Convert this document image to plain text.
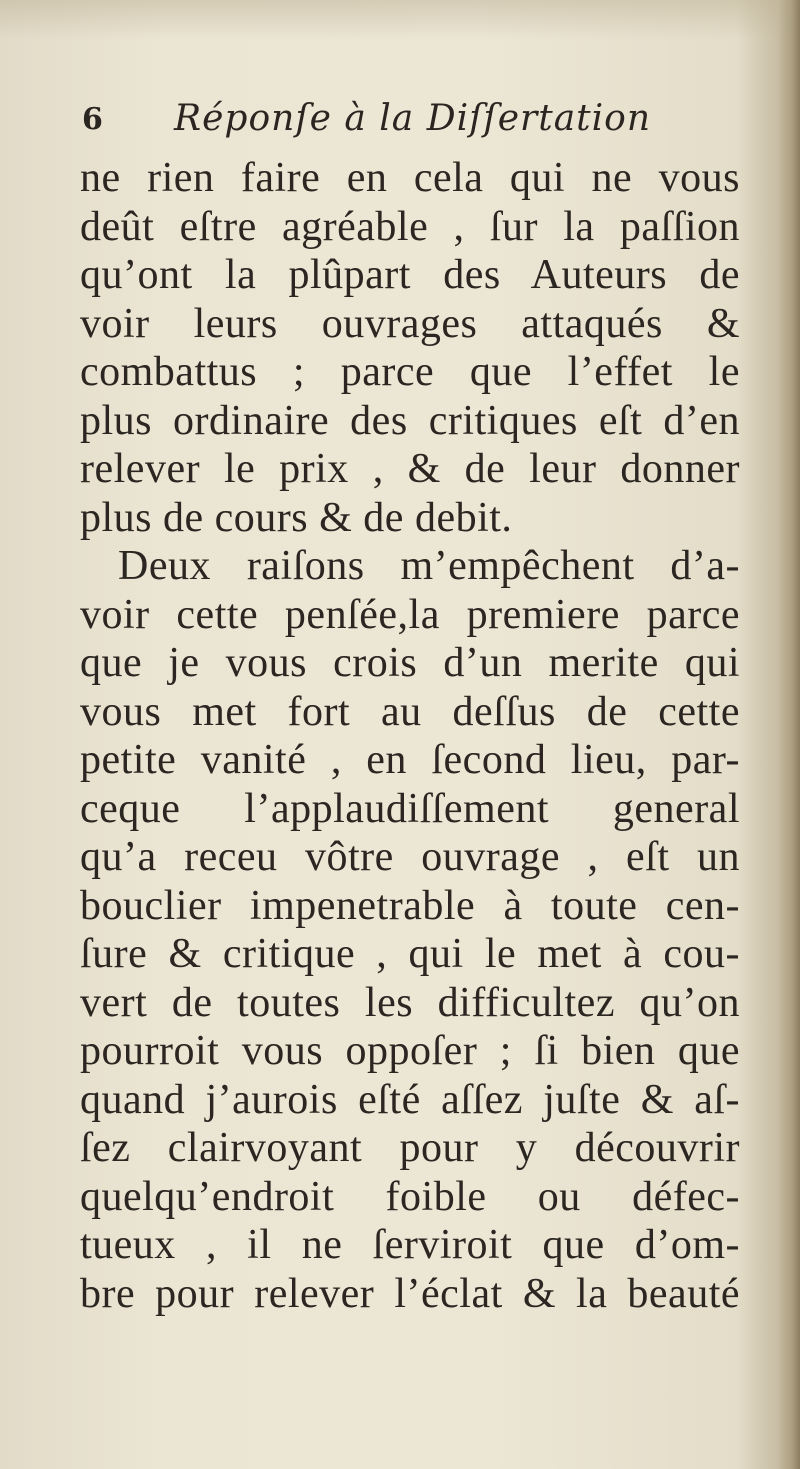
6 Réponſe à la Diſſertation
ne rien faire en cela qui ne vous
deût eſtre agréable , ſur la paſſion
qu’ont la plûpart des Auteurs de
voir leurs ouvrages attaqués &
combattus ; parce que l’effet le
plus ordinaire des critiques eſt d’en
relever le prix , & de leur donner
plus de cours & de debit.
Deux raiſons m’empêchent d’a-
voir cette penſée,la premiere parce
que je vous crois d’un merite qui
vous met fort au deſſus de cette
petite vanité , en ſecond lieu, par-
ceque l’applaudiſſement general
qu’a receu vôtre ouvrage , eſt un
bouclier impenetrable à toute cen-
ſure & critique , qui le met à cou-
vert de toutes les difficultez qu’on
pourroit vous oppoſer ; ſi bien que
quand j’aurois eſté aſſez juſte & aſ-
ſez clairvoyant pour y découvrir
quelqu’endroit foible ou défec-
tueux , il ne ſerviroit que d’om-
bre pour relever l’éclat & la beauté
